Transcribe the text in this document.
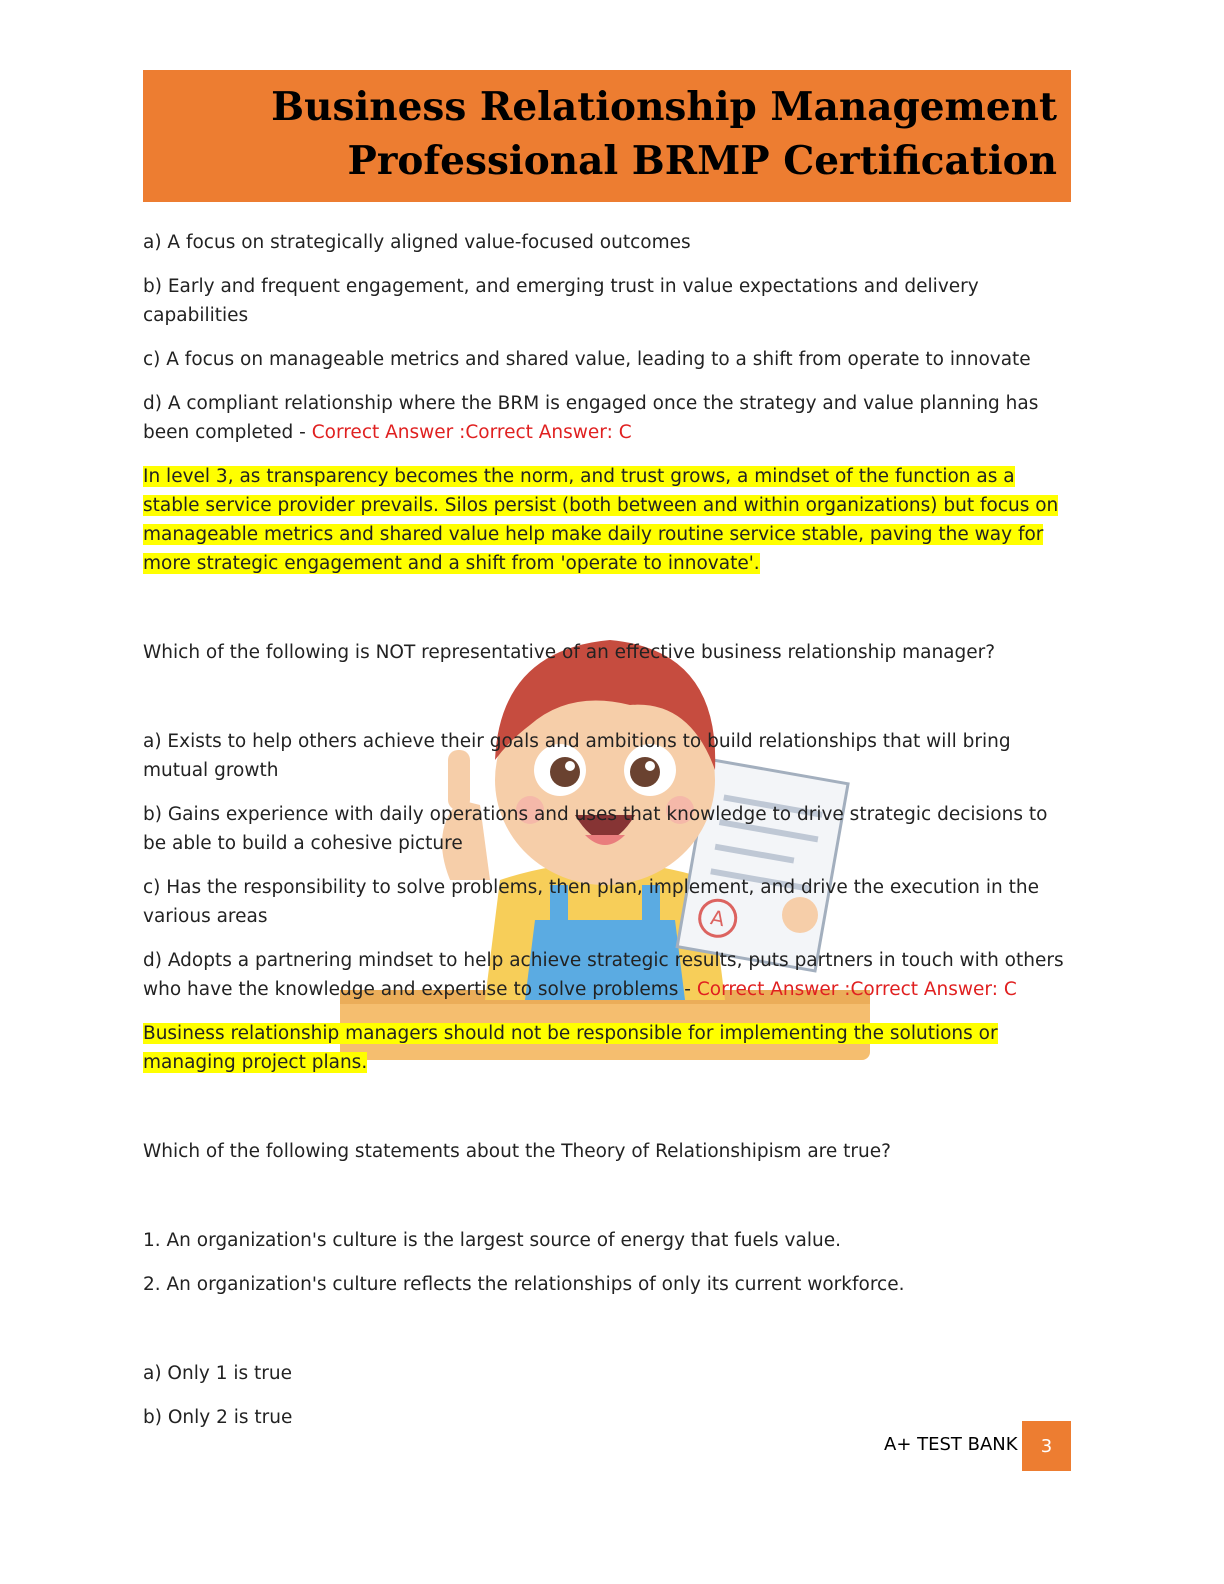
Business Relationship Management

Professional BRMP Certification

A

a) A focus on strategically aligned value-focused outcomes

b) Early and frequent engagement, and emerging trust in value expectations and delivery capabilities

c) A focus on manageable metrics and shared value, leading to a shift from operate to innovate

d) A compliant relationship where the BRM is engaged once the strategy and value planning has been completed - Correct Answer :Correct Answer: C

In level 3, as transparency becomes the norm, and trust grows, a mindset of the function as a stable service provider prevails. Silos persist (both between and within organizations) but focus on manageable metrics and shared value help make daily routine service stable, paving the way for more strategic engagement and a shift from 'operate to innovate'.

Which of the following is NOT representative of an effective business relationship manager?

a) Exists to help others achieve their goals and ambitions to build relationships that will bring mutual growth

b) Gains experience with daily operations and uses that knowledge to drive strategic decisions to be able to build a cohesive picture

c) Has the responsibility to solve problems, then plan, implement, and drive the execution in the various areas

d) Adopts a partnering mindset to help achieve strategic results, puts partners in touch with others who have the knowledge and expertise to solve problems - Correct Answer :Correct Answer: C

Business relationship managers should not be responsible for implementing the solutions or managing project plans.

Which of the following statements about the Theory of Relationshipism are true?

1. An organization's culture is the largest source of energy that fuels value.

2. An organization's culture reflects the relationships of only its current workforce.

a) Only 1 is true

b) Only 2 is true

A+ TEST BANK 3
